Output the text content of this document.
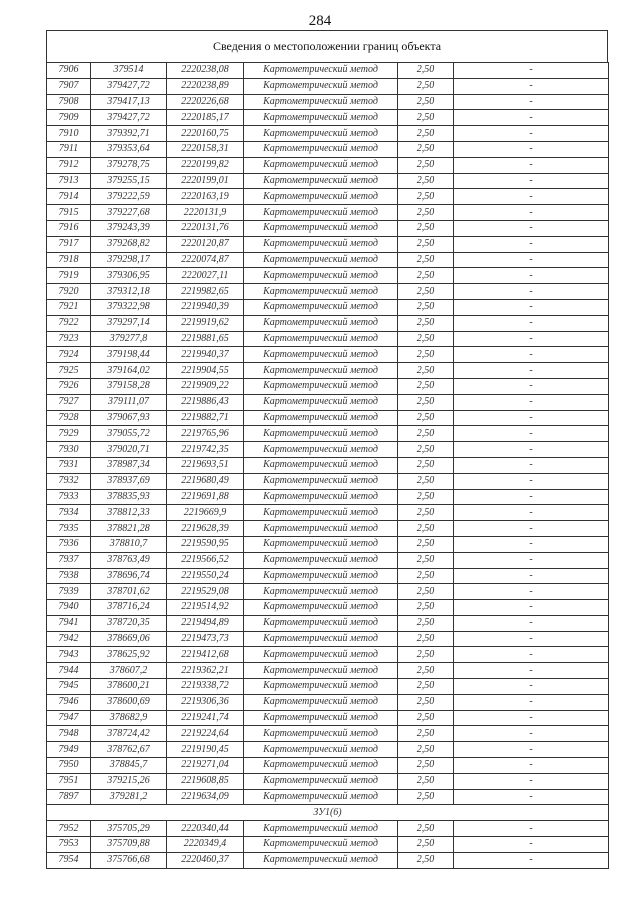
284
Сведения о местоположении границ объекта
7906	379514	2220238,08	Картометрический метод	2,50	-
7907	379427,72	2220238,89	Картометрический метод	2,50	-
7908	379417,13	2220226,68	Картометрический метод	2,50	-
7909	379427,72	2220185,17	Картометрический метод	2,50	-
7910	379392,71	2220160,75	Картометрический метод	2,50	-
7911	379353,64	2220158,31	Картометрический метод	2,50	-
7912	379278,75	2220199,82	Картометрический метод	2,50	-
7913	379255,15	2220199,01	Картометрический метод	2,50	-
7914	379222,59	2220163,19	Картометрический метод	2,50	-
7915	379227,68	2220131,9	Картометрический метод	2,50	-
7916	379243,39	2220131,76	Картометрический метод	2,50	-
7917	379268,82	2220120,87	Картометрический метод	2,50	-
7918	379298,17	2220074,87	Картометрический метод	2,50	-
7919	379306,95	2220027,11	Картометрический метод	2,50	-
7920	379312,18	2219982,65	Картометрический метод	2,50	-
7921	379322,98	2219940,39	Картометрический метод	2,50	-
7922	379297,14	2219919,62	Картометрический метод	2,50	-
7923	379277,8	2219881,65	Картометрический метод	2,50	-
7924	379198,44	2219940,37	Картометрический метод	2,50	-
7925	379164,02	2219904,55	Картометрический метод	2,50	-
7926	379158,28	2219909,22	Картометрический метод	2,50	-
7927	379111,07	2219886,43	Картометрический метод	2,50	-
7928	379067,93	2219882,71	Картометрический метод	2,50	-
7929	379055,72	2219765,96	Картометрический метод	2,50	-
7930	379020,71	2219742,35	Картометрический метод	2,50	-
7931	378987,34	2219693,51	Картометрический метод	2,50	-
7932	378937,69	2219680,49	Картометрический метод	2,50	-
7933	378835,93	2219691,88	Картометрический метод	2,50	-
7934	378812,33	2219669,9	Картометрический метод	2,50	-
7935	378821,28	2219628,39	Картометрический метод	2,50	-
7936	378810,7	2219590,95	Картометрический метод	2,50	-
7937	378763,49	2219566,52	Картометрический метод	2,50	-
7938	378696,74	2219550,24	Картометрический метод	2,50	-
7939	378701,62	2219529,08	Картометрический метод	2,50	-
7940	378716,24	2219514,92	Картометрический метод	2,50	-
7941	378720,35	2219494,89	Картометрический метод	2,50	-
7942	378669,06	2219473,73	Картометрический метод	2,50	-
7943	378625,92	2219412,68	Картометрический метод	2,50	-
7944	378607,2	2219362,21	Картометрический метод	2,50	-
7945	378600,21	2219338,72	Картометрический метод	2,50	-
7946	378600,69	2219306,36	Картометрический метод	2,50	-
7947	378682,9	2219241,74	Картометрический метод	2,50	-
7948	378724,42	2219224,64	Картометрический метод	2,50	-
7949	378762,67	2219190,45	Картометрический метод	2,50	-
7950	378845,7	2219271,04	Картометрический метод	2,50	-
7951	379215,26	2219608,85	Картометрический метод	2,50	-
7897	379281,2	2219634,09	Картометрический метод	2,50	-
ЗУ1(6)					
7952	375705,29	2220340,44	Картометрический метод	2,50	-
7953	375709,88	2220349,4	Картометрический метод	2,50	-
7954	375766,68	2220460,37	Картометрический метод	2,50	-
